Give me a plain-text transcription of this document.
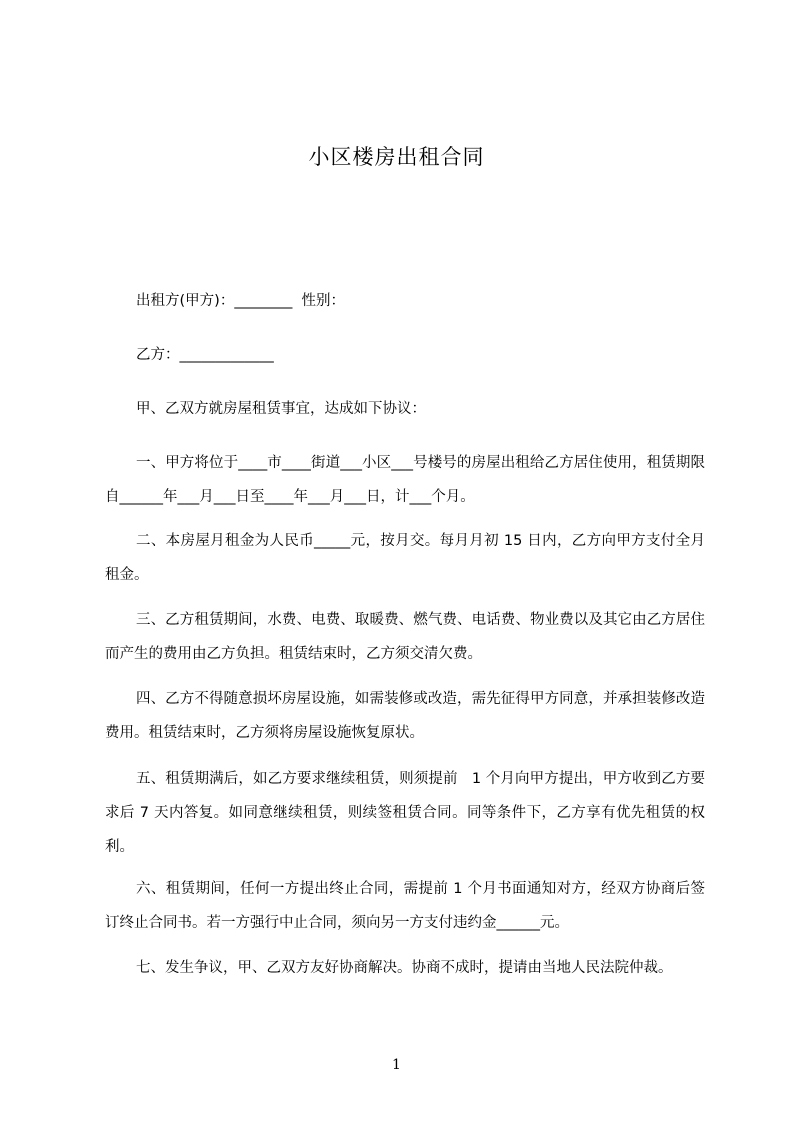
小区楼房出租合同
出租方(甲方)：________  性别：
乙方：_____________
甲、乙双方就房屋租赁事宜，达成如下协议：
一、甲方将位于____市____街道___小区___号楼号的房屋出租给乙方居住使用，租赁期限自______年___月___日至____年___月___日，计___个月。
二、本房屋月租金为人民币_____元，按月交。每月月初 15 日内，乙方向甲方支付全月租金。
三、乙方租赁期间，水费、电费、取暖费、燃气费、电话费、物业费以及其它由乙方居住而产生的费用由乙方负担。租赁结束时，乙方须交清欠费。
四、乙方不得随意损坏房屋设施，如需装修或改造，需先征得甲方同意，并承担装修改造费用。租赁结束时，乙方须将房屋设施恢复原状。
五、租赁期满后，如乙方要求继续租赁，则须提前   1 个月向甲方提出，甲方收到乙方要求后 7 天内答复。如同意继续租赁，则续签租赁合同。同等条件下，乙方享有优先租赁的权利。
六、租赁期间，任何一方提出终止合同，需提前 1 个月书面通知对方，经双方协商后签订终止合同书。若一方强行中止合同，须向另一方支付违约金______元。
七、发生争议，甲、乙双方友好协商解决。协商不成时，提请由当地人民法院仲裁。
1
